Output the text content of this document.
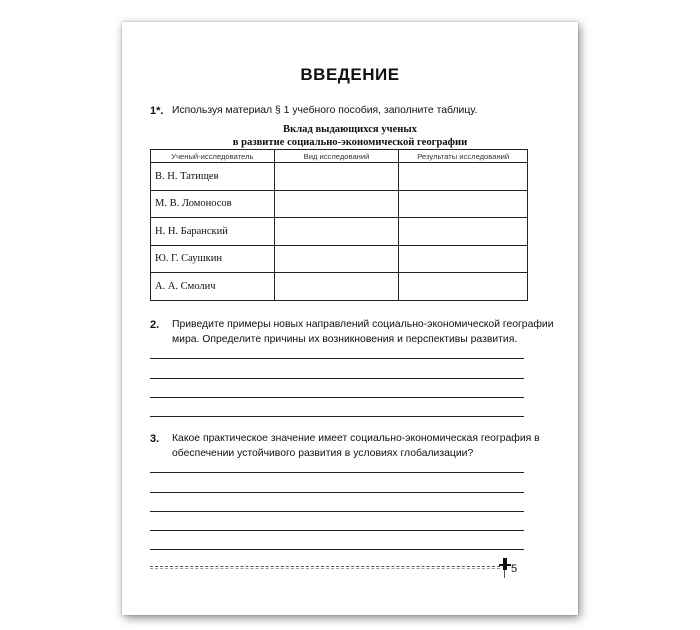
ВВЕДЕНИЕ
1*. Используя материал § 1 учебного пособия, заполните таблицу.
Вклад выдающихся ученых
в развитие социально-экономической географии
Ученый-исследователь	Вид исследований	Результаты исследований
В. Н. Татищев		
М. В. Ломоносов		
Н. Н. Баранский		
Ю. Г. Саушкин		
А. А. Смолич		
2. Приведите примеры новых направлений социально-экономической географии мира. Определите причины их возникновения и перспективы развития.
3. Какое практическое значение имеет социально-экономическая география в обеспечении устойчивого развития в условиях глобализации?
5
